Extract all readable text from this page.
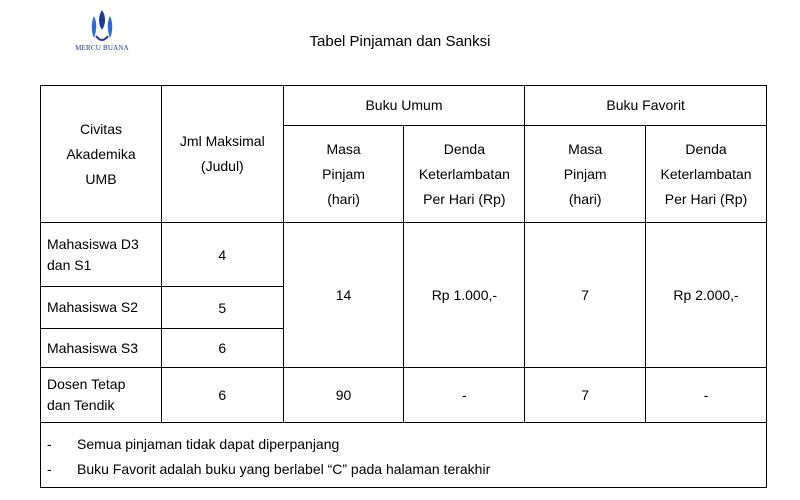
MERCU BUANA	Tabel Pinjaman dan Sanksi
Civitas Akademika UMB	Jml Maksimal (Judul)	Buku Umum		Buku Favorit	

		Masa Pinjam (hari)	Denda Keterlambatan Per Hari (Rp)	Masa Pinjam (hari)	Denda Keterlambatan Per Hari (Rp)

Mahasiswa D3 dan S1	4	14	Rp 1.000,-	7	Rp 2.000,-
Mahasiswa S2	5				
Mahasiswa S3	6				

Dosen Tetap dan Tendik	6	90	-	7	-

- Semua pinjaman tidak dapat diperpanjang
- Buku Favorit adalah buku yang berlabel “C” pada halaman terakhir					
